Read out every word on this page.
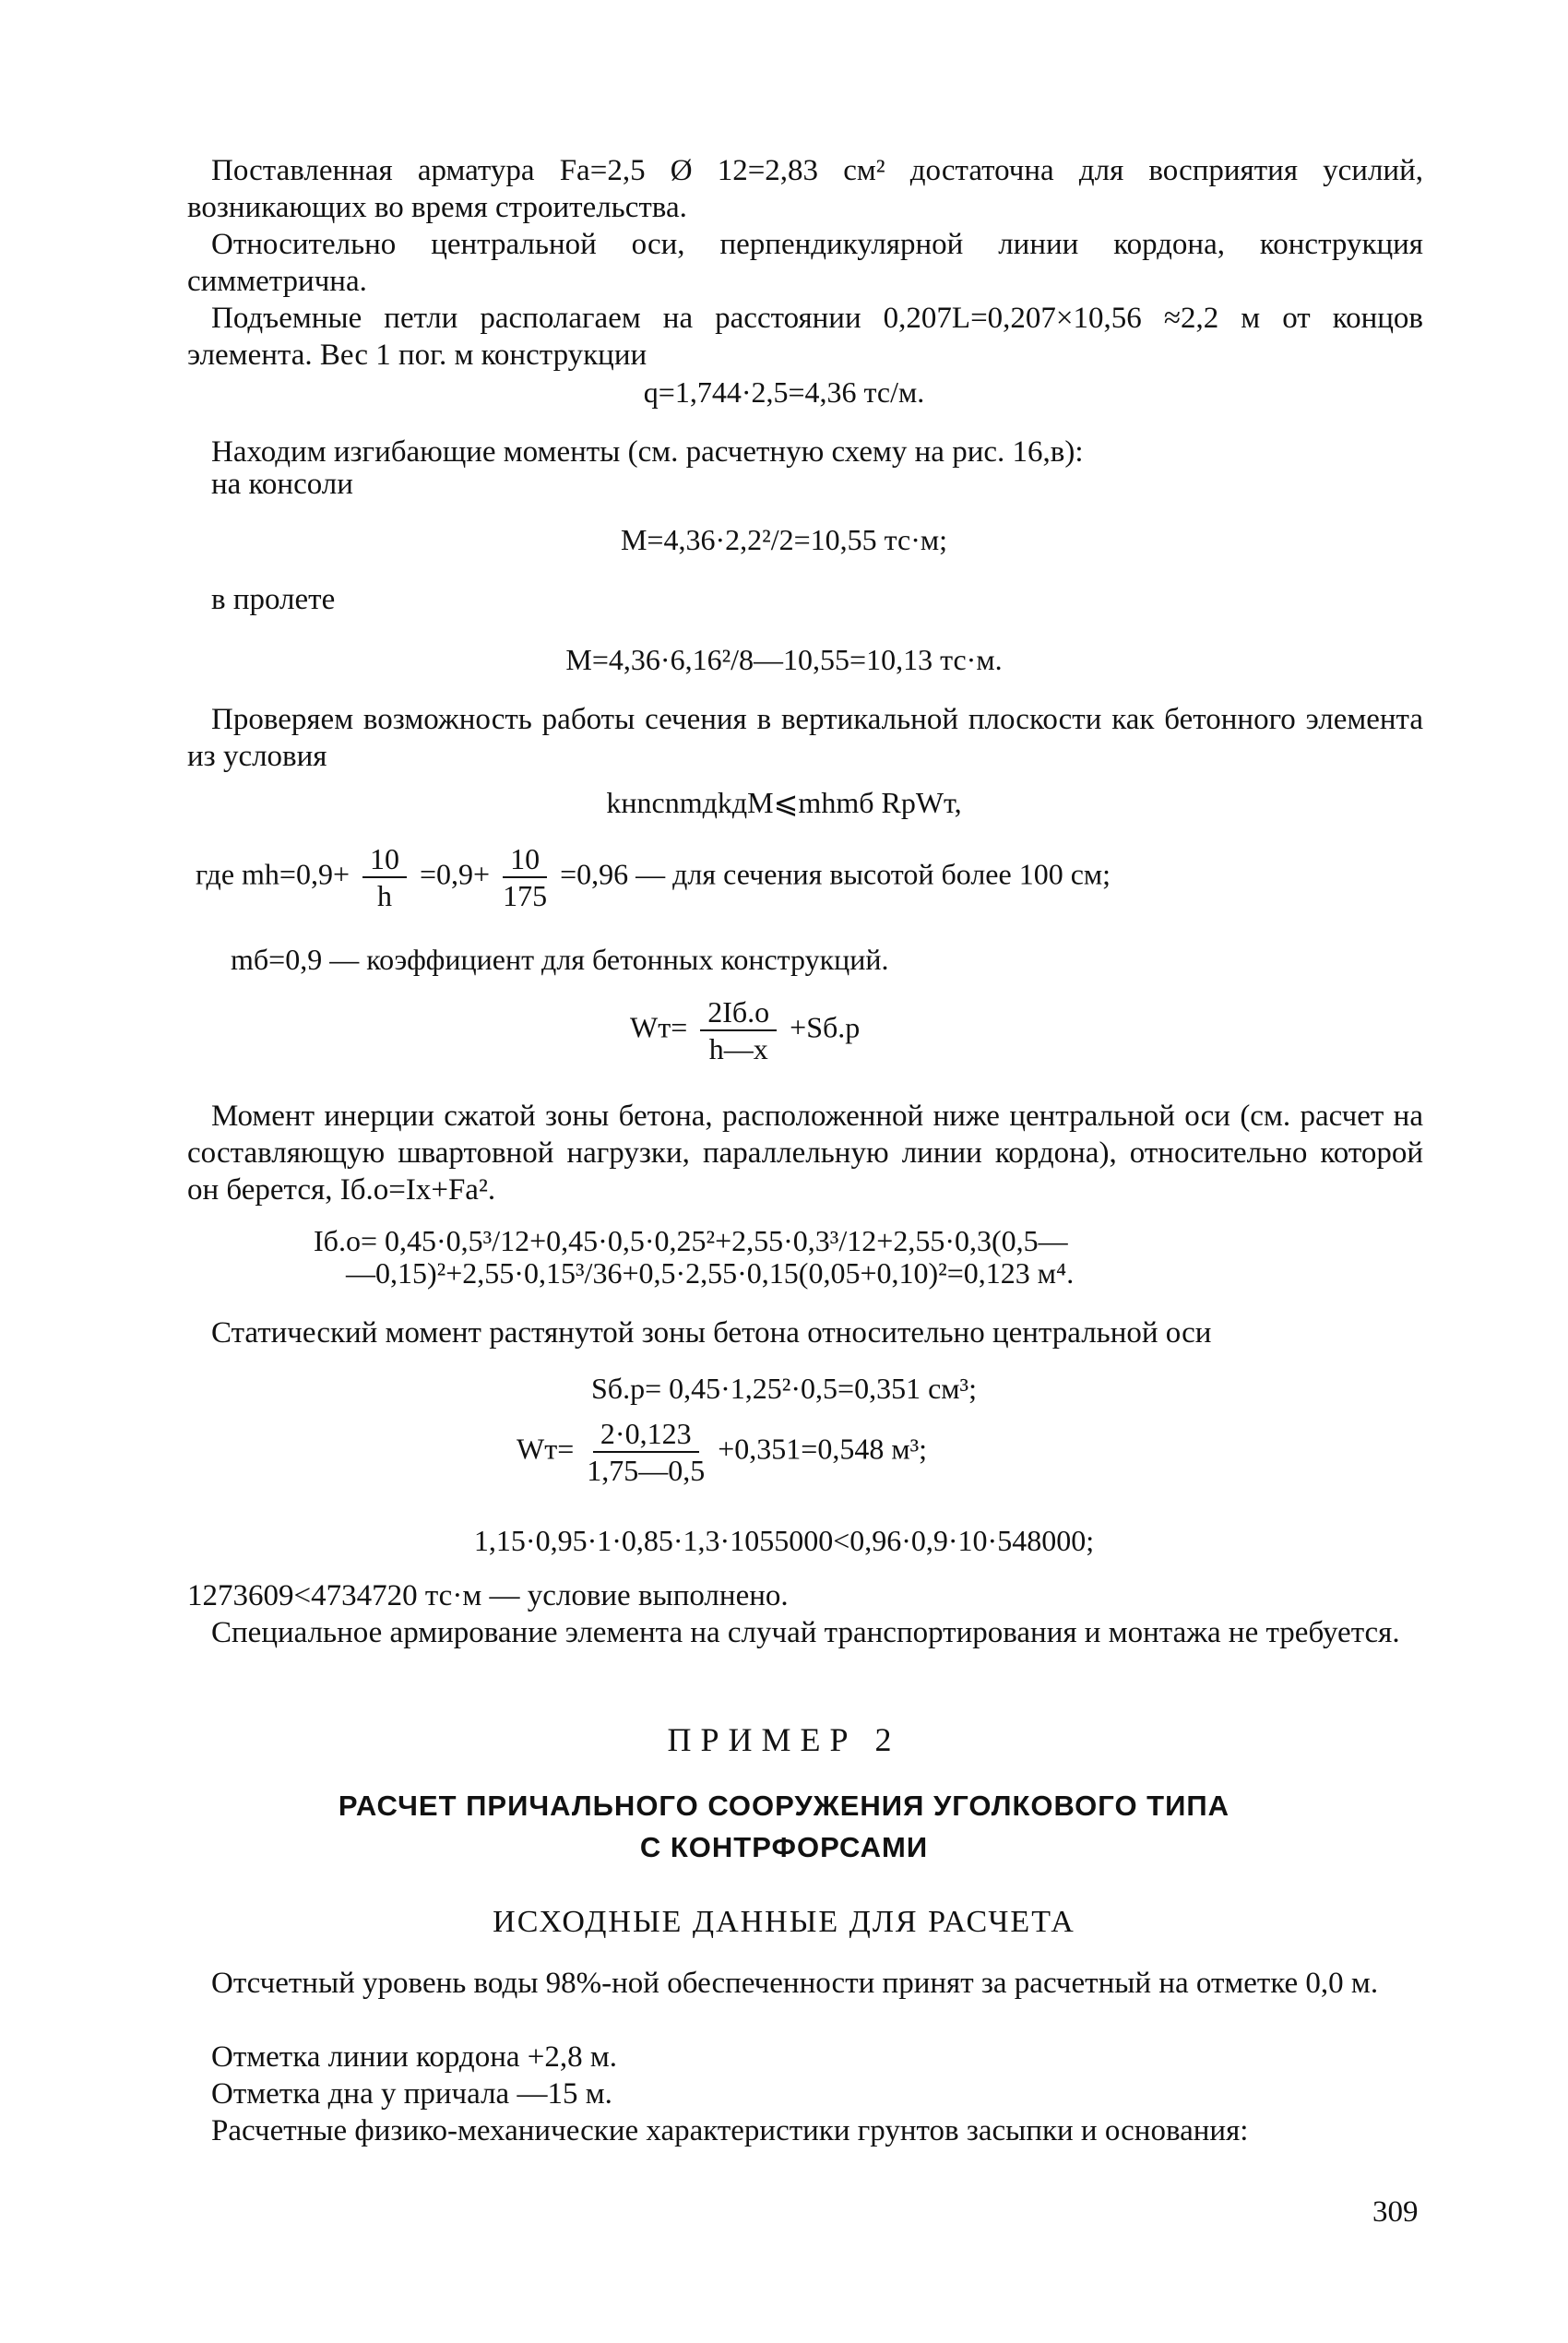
Поставленная арматура Fa=2,5 Ø 12=2,83 см² достаточна для восприятия усилий, возникающих во время строительства.
Относительно центральной оси, перпендикулярной линии кордона, конструкция симметрична.
Подъемные петли располагаем на расстоянии 0,207L=0,207×10,56 ≈2,2 м от концов элемента. Вес 1 пог. м конструкции
q=1,744·2,5=4,36 тс/м.
Находим изгибающие моменты (см. расчетную схему на рис. 16,в):
на консоли
M=4,36·2,2²/2=10,55 тс·м;
в пролете
M=4,36·6,16²/8—10,55=10,13 тс·м.
Проверяем возможность работы сечения в вертикальной плоскости как бетонного элемента из условия
kнnсnmдkдM⩽mhmб RрWт,
где $mh=0,9+ \frac{10}{h} =0,9+ \frac{10}{175} =0,96$ — для сечения высотой более 100 см;
mб=0,9 — коэффициент для бетонных конструкций.
$Wт= \frac{2Iб.о}{h—x} +Sб.р$
Момент инерции сжатой зоны бетона, расположенной ниже центральной оси (см. расчет на составляющую швартовной нагрузки, параллельную линии кордона), относительно которой он берется, Iб.о=Ix+Fa².
Iб.о= 0,45·0,5³/12+0,45·0,5·0,25²+2,55·0,3³/12+2,55·0,3(0,5—
—0,15)²+2,55·0,15³/36+0,5·2,55·0,15(0,05+0,10)²=0,123 м⁴.
Статический момент растянутой зоны бетона относительно центральной оси
Sб.р= 0,45·1,25²·0,5=0,351 см³;
$Wт= \frac{2\cdot 0,123}{1,75—0,5} +0,351=0,548$ м³;
1,15·0,95·1·0,85·1,3·1055000<0,96·0,9·10·548000;
1273609<4734720 тс·м — условие выполнено.
Специальное армирование элемента на случай транспортирования и монтажа не требуется.
ПРИМЕР 2
РАСЧЕТ ПРИЧАЛЬНОГО СООРУЖЕНИЯ УГОЛКОВОГО ТИПА
С КОНТРФОРСАМИ
ИСХОДНЫЕ ДАННЫЕ ДЛЯ РАСЧЕТА
Отсчетный уровень воды 98%-ной обеспеченности принят за расчетный на отметке 0,0 м.
Отметка линии кордона +2,8 м.
Отметка дна у причала —15 м.
Расчетные физико-механические характеристики грунтов засыпки и основания:
309
